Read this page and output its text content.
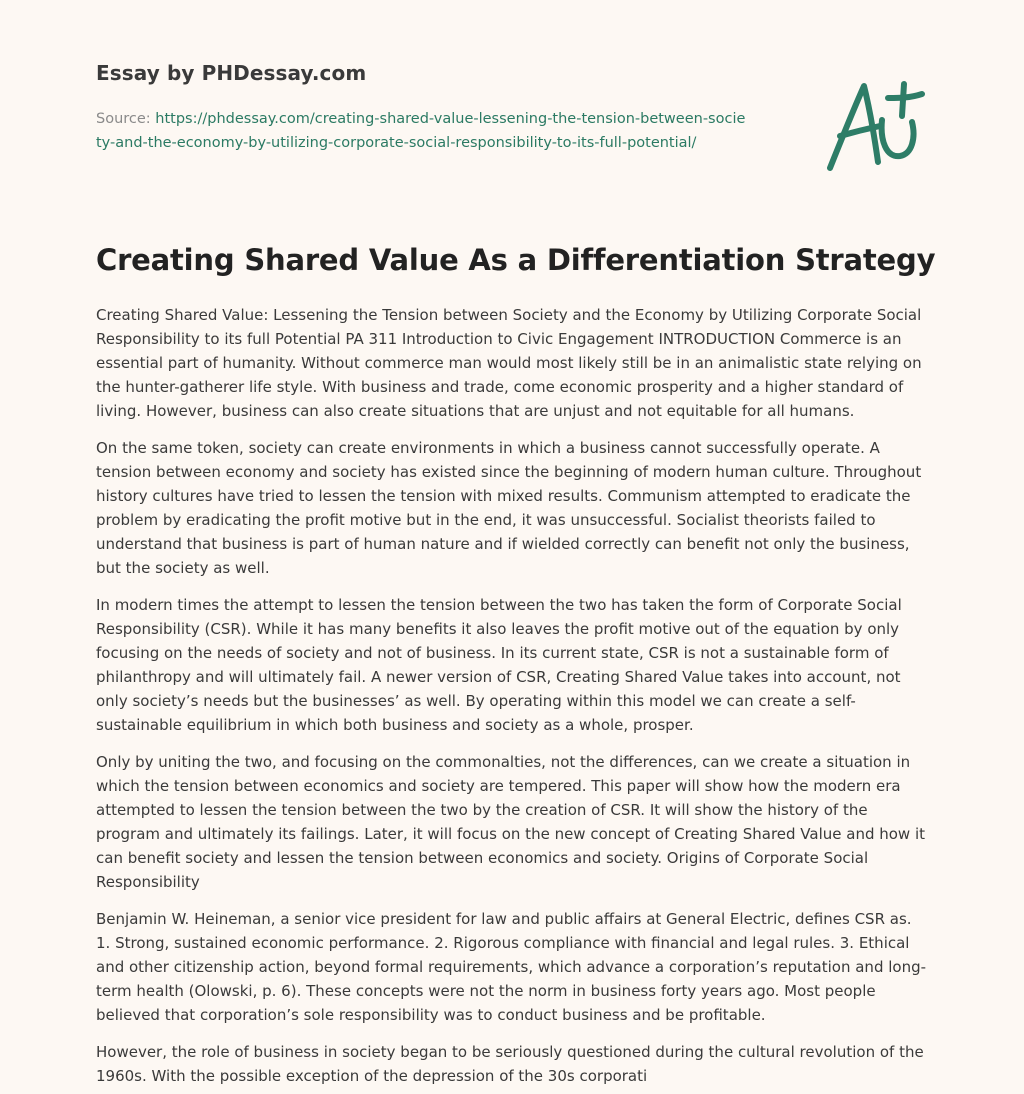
Essay by PHDessay.com
Source: https://phdessay.com/creating-shared-value-lessening-the-tension-between-society-and-the-economy-by-utilizing-corporate-social-responsibility-to-its-full-potential/
Creating Shared Value As a Differentiation Strategy

Creating Shared Value: Lessening the Tension between Society and the Economy by Utilizing Corporate Social Responsibility to its full Potential PA 311 Introduction to Civic Engagement INTRODUCTION Commerce is an essential part of humanity. Without commerce man would most likely still be in an animalistic state relying on the hunter-gatherer life style. With business and trade, come economic prosperity and a higher standard of living. However, business can also create situations that are unjust and not equitable for all humans.

On the same token, society can create environments in which a business cannot successfully operate. A tension between economy and society has existed since the beginning of modern human culture. Throughout history cultures have tried to lessen the tension with mixed results. Communism attempted to eradicate the problem by eradicating the profit motive but in the end, it was unsuccessful. Socialist theorists failed to understand that business is part of human nature and if wielded correctly can benefit not only the business, but the society as well.

In modern times the attempt to lessen the tension between the two has taken the form of Corporate Social Responsibility (CSR). While it has many benefits it also leaves the profit motive out of the equation by only focusing on the needs of society and not of business. In its current state, CSR is not a sustainable form of philanthropy and will ultimately fail. A newer version of CSR, Creating Shared Value takes into account, not only society’s needs but the businesses’ as well. By operating within this model we can create a self-sustainable equilibrium in which both business and society as a whole, prosper.

Only by uniting the two, and focusing on the commonalties, not the differences, can we create a situation in which the tension between economics and society are tempered. This paper will show how the modern era attempted to lessen the tension between the two by the creation of CSR. It will show the history of the program and ultimately its failings. Later, it will focus on the new concept of Creating Shared Value and how it can benefit society and lessen the tension between economics and society. Origins of Corporate Social Responsibility

Benjamin W. Heineman, a senior vice president for law and public affairs at General Electric, defines CSR as. 1. Strong, sustained economic performance. 2. Rigorous compliance with financial and legal rules. 3. Ethical and other citizenship action, beyond formal requirements, which advance a corporation’s reputation and long-term health (Olowski, p. 6). These concepts were not the norm in business forty years ago. Most people believed that corporation’s sole responsibility was to conduct business and be profitable.

However, the role of business in society began to be seriously questioned during the cultural revolution of the 1960s. With the possible exception of the depression of the 30s corporati
